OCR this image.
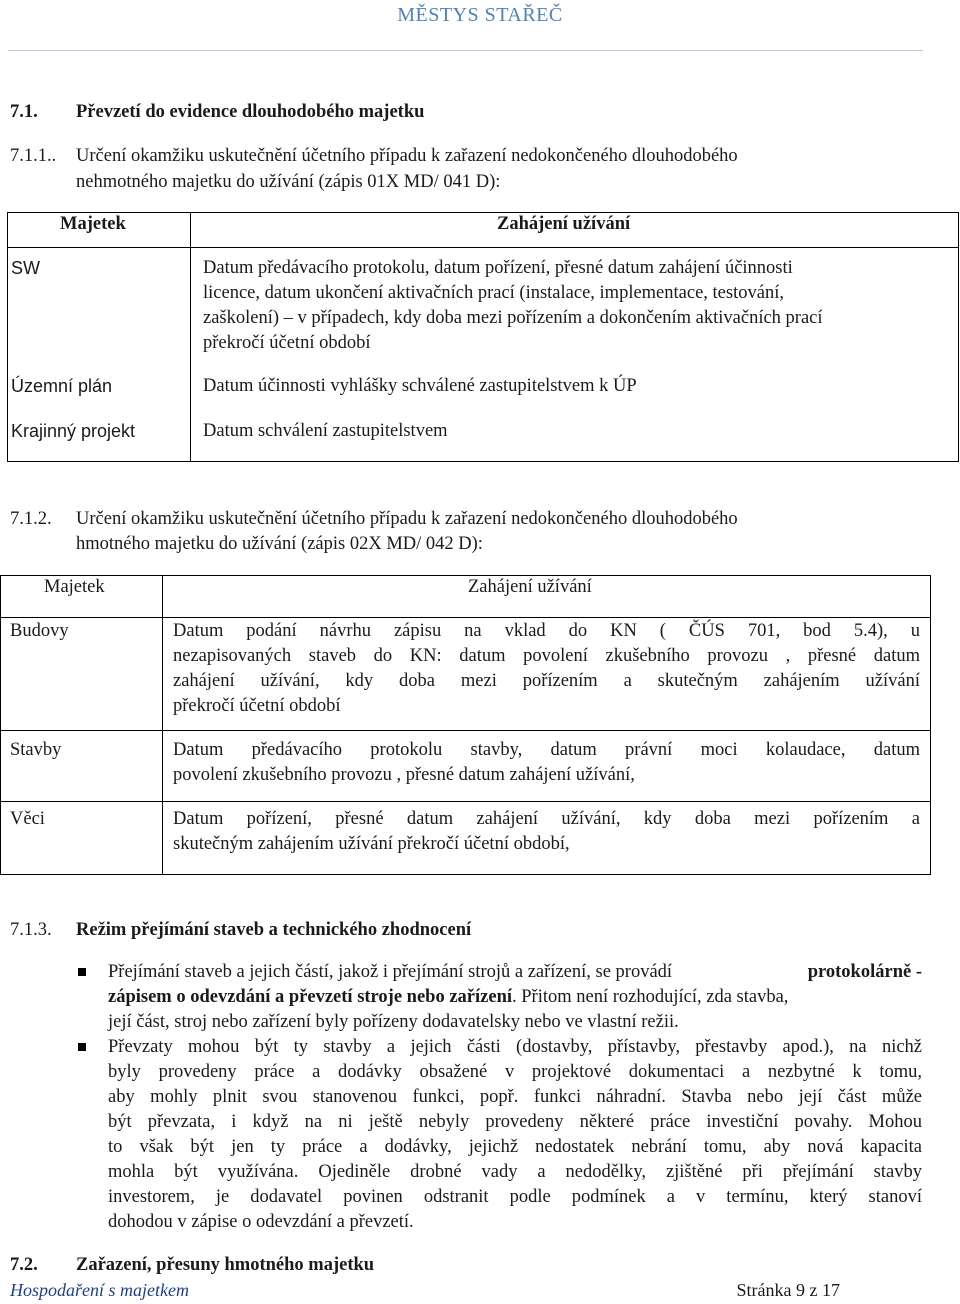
MĚSTYS STAŘEČ
7.1. Převzetí do evidence dlouhodobého majetku
7.1.1.. Určení okamžiku uskutečnění účetního případu k zařazení nedokončeného dlouhodobého
nehmotného majetku do užívání (zápis 01X MD/ 041 D):
Majetek	Zahájení užívání
SW	Datum předávacího protokolu, datum pořízení, přesné datum zahájení účinnosti
licence, datum ukončení aktivačních prací (instalace, implementace, testování,
zaškolení) – v případech, kdy doba mezi pořízením a dokončením aktivačních prací
překročí účetní období
Územní plán	Datum účinnosti vyhlášky schválené zastupitelstvem k ÚP
Krajinný projekt	Datum schválení zastupitelstvem
7.1.2. Určení okamžiku uskutečnění účetního případu k zařazení nedokončeného dlouhodobého
hmotného majetku do užívání (zápis 02X MD/ 042 D):
Majetek	Zahájení užívání
Budovy	Datum podání návrhu zápisu na vklad do KN ( ČÚS 701, bod 5.4), u
nezapisovaných staveb do KN: datum povolení zkušebního provozu , přesné datum
zahájení užívání, kdy doba mezi pořízením a skutečným zahájením užívání
překročí účetní období
Stavby	Datum předávacího protokolu stavby, datum právní moci kolaudace, datum
povolení zkušebního provozu , přesné datum zahájení užívání,
Věci	Datum pořízení, přesné datum zahájení užívání, kdy doba mezi pořízením a
skutečným zahájením užívání překročí účetní období,
7.1.3. Režim přejímání staveb a technického zhodnocení
Přejímání staveb a jejich částí, jakož i přejímání strojů a zařízení, se provádí	protokolárně -
zápisem o odevzdání a převzetí stroje nebo zařízení. Přitom není rozhodující, zda stavba,
její část, stroj nebo zařízení byly pořízeny dodavatelsky nebo ve vlastní režii.
Převzaty mohou být ty stavby a jejich části (dostavby, přístavby, přestavby apod.), na nichž
byly provedeny práce a dodávky obsažené v projektové dokumentaci a nezbytné k tomu,
aby mohly plnit svou stanovenou funkci, popř. funkci náhradní. Stavba nebo její část může
být převzata, i když na ni ještě nebyly provedeny některé práce investiční povahy. Mohou
to však být jen ty práce a dodávky, jejichž nedostatek nebrání tomu, aby nová kapacita
mohla být využívána. Ojediněle drobné vady a nedodělky, zjištěné při přejímání stavby
investorem, je dodavatel povinen odstranit podle podmínek a v termínu, který stanoví
dohodou v zápise o odevzdání a převzetí.
7.2. Zařazení, přesuny hmotného majetku
Hospodaření s majetkem	Stránka 9 z 17
